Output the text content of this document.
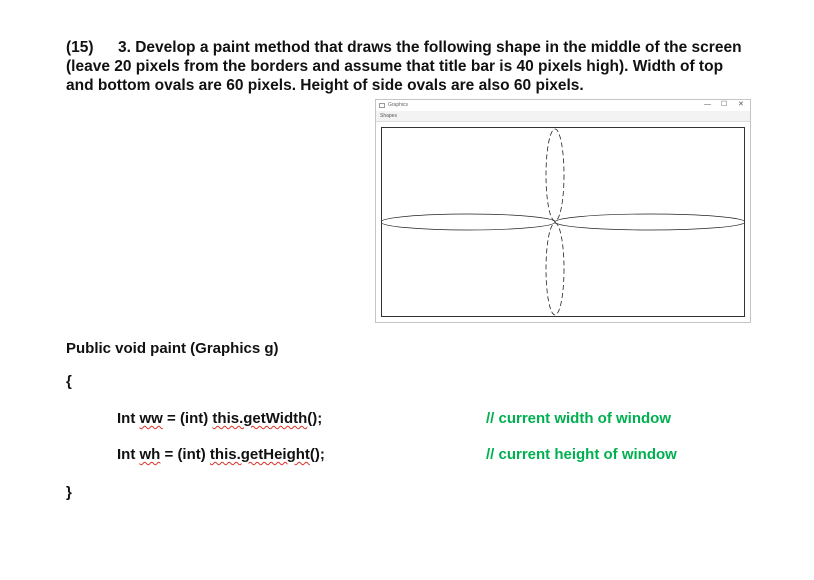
(15) 3. Develop a paint method that draws the following shape in the middle of the screen
(leave 20 pixels from the borders and assume that title bar is 40 pixels high). Width of top
and bottom ovals are 60 pixels. Height of side ovals are also 60 pixels.
Graphics	— ☐ ✕
Shapes
Public void paint (Graphics g)
{
Int ww = (int) this.getWidth();	// current width of window
Int wh = (int) this.getHeight();	// current height of window
}
